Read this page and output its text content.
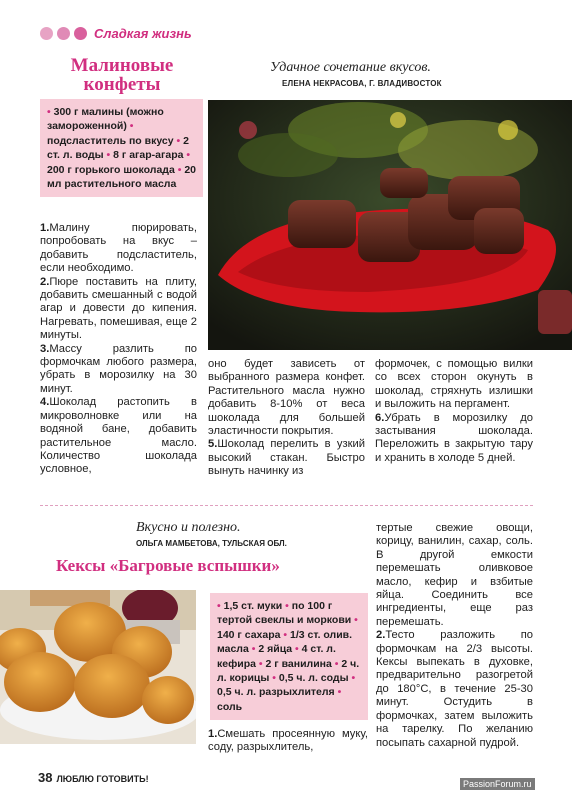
Сладкая жизнь
Малиновые конфеты
Удачное сочетание вкусов.
ЕЛЕНА НЕКРАСОВА, Г. ВЛАДИВОСТОК
• 300 г малины (можно замороженной) • подсластитель по вкусу • 2 ст. л. воды • 8 г агар-агара • 200 г горького шоколада • 20 мл растительного масла

1.Малину пюрировать, попробовать на вкус – добавить подсластитель, если необходимо.

2.Пюре поставить на плиту, добавить смешанный с водой агар и довести до кипения. Нагревать, помешивая, еще 2 минуты.

3.Массу разлить по формочкам любого размера, убрать в морозилку на 30 минут.

4.Шоколад растопить в микроволновке или на водяной бане, добавить растительное масло. Количество шоколада условное,

оно будет зависеть от выбранного размера конфет. Растительного масла нужно добавить 8-10% от веса шоколада для большей эластичности покрытия.

5.Шоколад перелить в узкий высокий стакан. Быстро вынуть начинку из

формочек, с помощью вилки со всех сторон окунуть в шоколад, стряхнуть излишки и выложить на пергамент.

6.Убрать в морозилку до застывания шоколада. Переложить в закрытую тару и хранить в холоде 5 дней.

Вкусно и полезно.
ОЛЬГА МАМБЕТОВА, ТУЛЬСКАЯ ОБЛ.
Кексы «Багровые вспышки»
• 1,5 ст. муки • по 100 г тертой свеклы и моркови • 140 г сахара • 1/3 ст. олив. масла • 2 яйца • 4 ст. л. кефира • 2 г ванилина • 2 ч. л. корицы • 0,5 ч. л. соды • 0,5 ч. л. разрыхлителя • соль

1.Смешать просеянную муку, соду, разрыхлитель,

тертые свежие овощи, корицу, ванилин, сахар, соль. В другой емкости перемешать оливковое масло, кефир и взбитые яйца. Соединить все ингредиенты, еще раз перемешать.

2.Тесто разложить по формочкам на 2/3 высоты. Кексы выпекать в духовке, предварительно разогретой до 180°С, в течение 25-30 минут. Остудить в формочках, затем выложить на тарелку. По желанию посыпать сахарной пудрой.

38 ЛЮБЛЮ ГОТОВИТЬ!	PassionForum.ru
